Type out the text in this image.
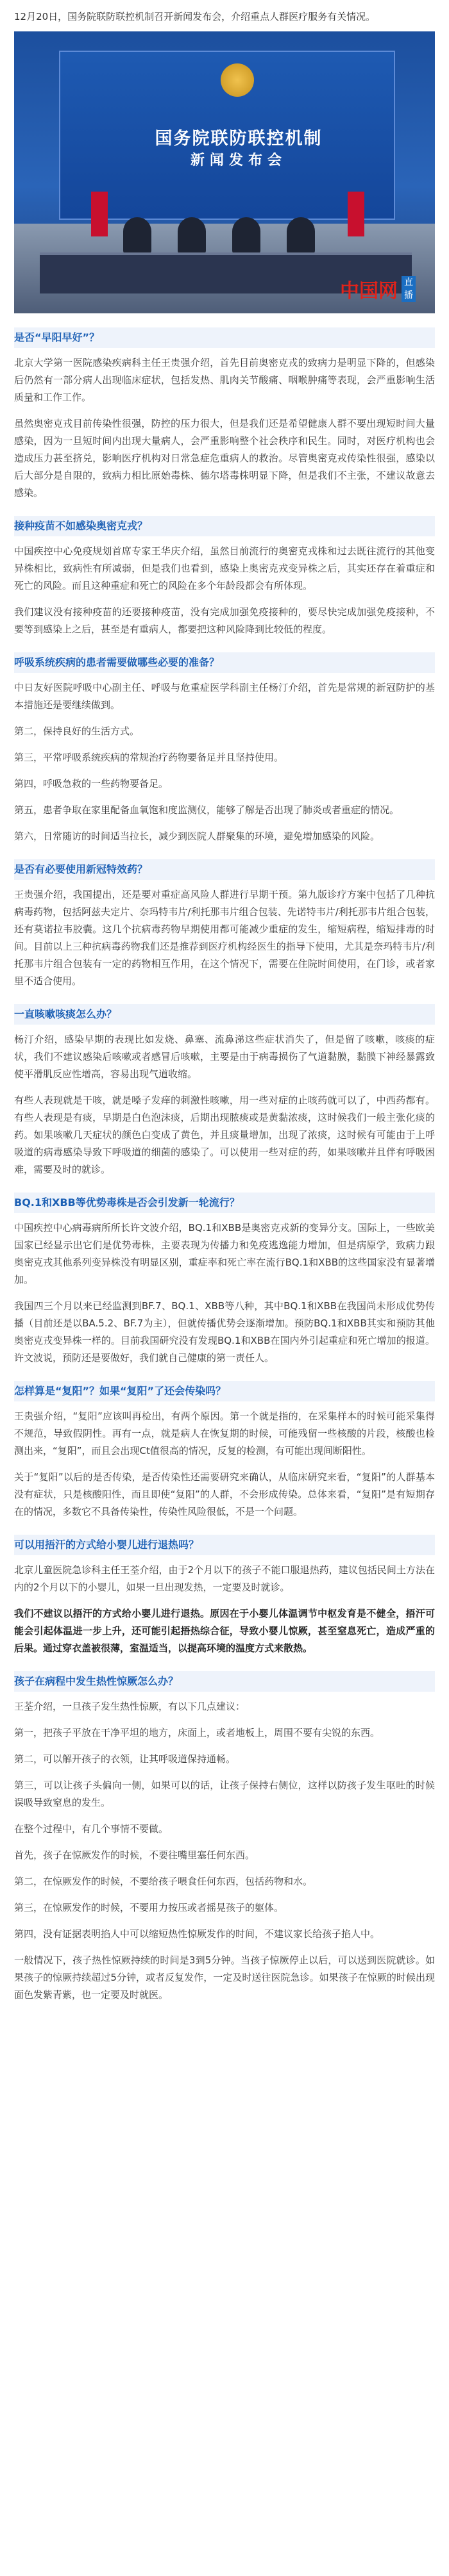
12月20日，国务院联防联控机制召开新闻发布会，介绍重点人群医疗服务有关情况。

国务院联防联控机制
新闻发布会
中国网 直
播
是否“早阳早好”？

北京大学第一医院感染疾病科主任王贵强介绍，首先目前奥密克戎的致病力是明显下降的，但感染后仍然有一部分病人出现临床症状，包括发热、肌肉关节酸痛、咽喉肿痛等表现，会严重影响生活质量和工作工作。

虽然奥密克戎目前传染性很强，防控的压力很大，但是我们还是希望健康人群不要出现短时间大量感染，因为一旦短时间内出现大量病人，会严重影响整个社会秩序和民生。同时，对医疗机构也会造成压力甚至挤兑，影响医疗机构对日常急症危重病人的救治。尽管奥密克戎传染性很强，感染以后大部分是自限的，致病力相比原始毒株、德尔塔毒株明显下降，但是我们不主张，不建议故意去感染。

接种疫苗不如感染奥密克戎？

中国疾控中心免疫规划首席专家王华庆介绍，虽然目前流行的奥密克戎株和过去既往流行的其他变异株相比，致病性有所减弱，但是我们也看到，感染上奥密克戎变异株之后，其实还存在着重症和死亡的风险。而且这种重症和死亡的风险在多个年龄段都会有所体现。

我们建议没有接种疫苗的还要接种疫苗，没有完成加强免疫接种的，要尽快完成加强免疫接种，不要等到感染上之后，甚至是有重病人，都要把这种风险降到比较低的程度。

呼吸系统疾病的患者需要做哪些必要的准备？

中日友好医院呼吸中心副主任、呼吸与危重症医学科副主任杨汀介绍，首先是常规的新冠防护的基本措施还是要继续做到。

第二，保持良好的生活方式。

第三，平常呼吸系统疾病的常规治疗药物要备足并且坚持使用。

第四，呼吸急救的一些药物要备足。

第五，患者争取在家里配备血氧饱和度监测仪，能够了解是否出现了肺炎或者重症的情况。

第六，日常随访的时间适当拉长，减少到医院人群聚集的环境，避免增加感染的风险。

是否有必要使用新冠特效药？

王贵强介绍，我国提出，还是要对重症高风险人群进行早期干预。第九版诊疗方案中包括了几种抗病毒药物，包括阿兹夫定片、奈玛特韦片/利托那韦片组合包装、先诺特韦片/利托那韦片组合包装，还有莫诺拉韦胶囊。这几个抗病毒药物早期使用都可能减少重症的发生，缩短病程，缩短排毒的时间。目前以上三种抗病毒药物我们还是推荐到医疗机构经医生的指导下使用，尤其是奈玛特韦片/利托那韦片组合包装有一定的药物相互作用，在这个情况下，需要在住院时间使用，在门诊，或者家里不适合使用。

一直咳嗽咳痰怎么办？

杨汀介绍，感染早期的表现比如发烧、鼻塞、流鼻涕这些症状消失了，但是留了咳嗽，咳痰的症状，我们不建议感染后咳嗽或者感冒后咳嗽，主要是由于病毒损伤了气道黏膜，黏膜下神经暴露致使平滑肌反应性增高，容易出现气道收缩。

有些人表现就是干咳，就是嗓子发痒的刺激性咳嗽，用一些对症的止咳药就可以了，中西药都有。有些人表现是有痰，早期是白色泡沫痰，后期出现脓痰或是黄黏浓痰，这时候我们一般主张化痰的药。如果咳嗽几天症状的颜色白变成了黄色，并且痰量增加，出现了浓痰，这时候有可能由于上呼吸道的病毒感染导致下呼吸道的细菌的感染了。可以使用一些对症的药，如果咳嗽并且伴有呼吸困难，需要及时的就诊。

BQ.1和XBB等优势毒株是否会引发新一轮流行？

中国疾控中心病毒病所所长许文波介绍，BQ.1和XBB是奥密克戎新的变异分支。国际上，一些欧美国家已经显示出它们是优势毒株，主要表现为传播力和免疫逃逸能力增加，但是病原学，致病力跟奥密克戎其他系列变异株没有明显区别，重症率和死亡率在流行BQ.1和XBB的这些国家没有显著增加。

我国四三个月以来已经监测到BF.7、BQ.1、XBB等八种，其中BQ.1和XBB在我国尚未形成优势传播（目前还是以BA.5.2、BF.7为主），但就传播优势会逐渐增加。预防BQ.1和XBB其实和预防其他奥密克戎变异株一样的。目前我国研究没有发现BQ.1和XBB在国内外引起重症和死亡增加的报道。许文波说，预防还是要做好，我们就自己健康的第一责任人。

怎样算是“复阳”？如果“复阳”了还会传染吗？

王贵强介绍，“复阳”应该叫再检出，有两个原因。第一个就是指的，在采集样本的时候可能采集得不规范，导致假阴性。再有一点，就是病人在恢复期的时候，可能残留一些核酸的片段，核酸也检测出来，“复阳”，而且会出现Ct值很高的情况，反复的检测，有可能出现间断阳性。

关于“复阳”以后的是否传染，是否传染性还需要研究来确认，从临床研究来看，“复阳”的人群基本没有症状，只是核酸阳性，而且即使“复阳”的人群，不会形成传染。总体来看，“复阳”是有短期存在的情况，多数它不具备传染性，传染性风险很低，不是一个问题。

可以用捂汗的方式给小婴儿进行退热吗？

北京儿童医院急诊科主任王荃介绍，由于2个月以下的孩子不能口服退热药，建议包括民间土方法在内的2个月以下的小婴儿，如果一旦出现发热，一定要及时就诊。

我们不建议以捂汗的方式给小婴儿进行退热。原因在于小婴儿体温调节中枢发育是不健全，捂汗可能会引起体温进一步上升，还可能引起捂热综合征，导致小婴儿惊厥，甚至窒息死亡，造成严重的后果。通过穿衣盖被很薄，室温适当，以提高环境的温度方式来散热。

孩子在病程中发生热性惊厥怎么办？

王荃介绍，一旦孩子发生热性惊厥，有以下几点建议：

第一，把孩子平放在干净平坦的地方，床面上，或者地板上，周围不要有尖锐的东西。

第二，可以解开孩子的衣领，让其呼吸道保持通畅。

第三，可以让孩子头偏向一侧，如果可以的话，让孩子保持右侧位，这样以防孩子发生呕吐的时候误吸导致窒息的发生。

在整个过程中，有几个事情不要做。

首先，孩子在惊厥发作的时候，不要往嘴里塞任何东西。

第二，在惊厥发作的时候，不要给孩子喂食任何东西，包括药物和水。

第三，在惊厥发作的时候，不要用力按压或者摇晃孩子的躯体。

第四，没有证据表明掐人中可以缩短热性惊厥发作的时间，不建议家长给孩子掐人中。

一般情况下，孩子热性惊厥持续的时间是3到5分钟。当孩子惊厥停止以后，可以送到医院就诊。如果孩子的惊厥持续超过5分钟，或者反复发作，一定及时送往医院急诊。如果孩子在惊厥的时候出现面色发紫青紫，也一定要及时就医。
